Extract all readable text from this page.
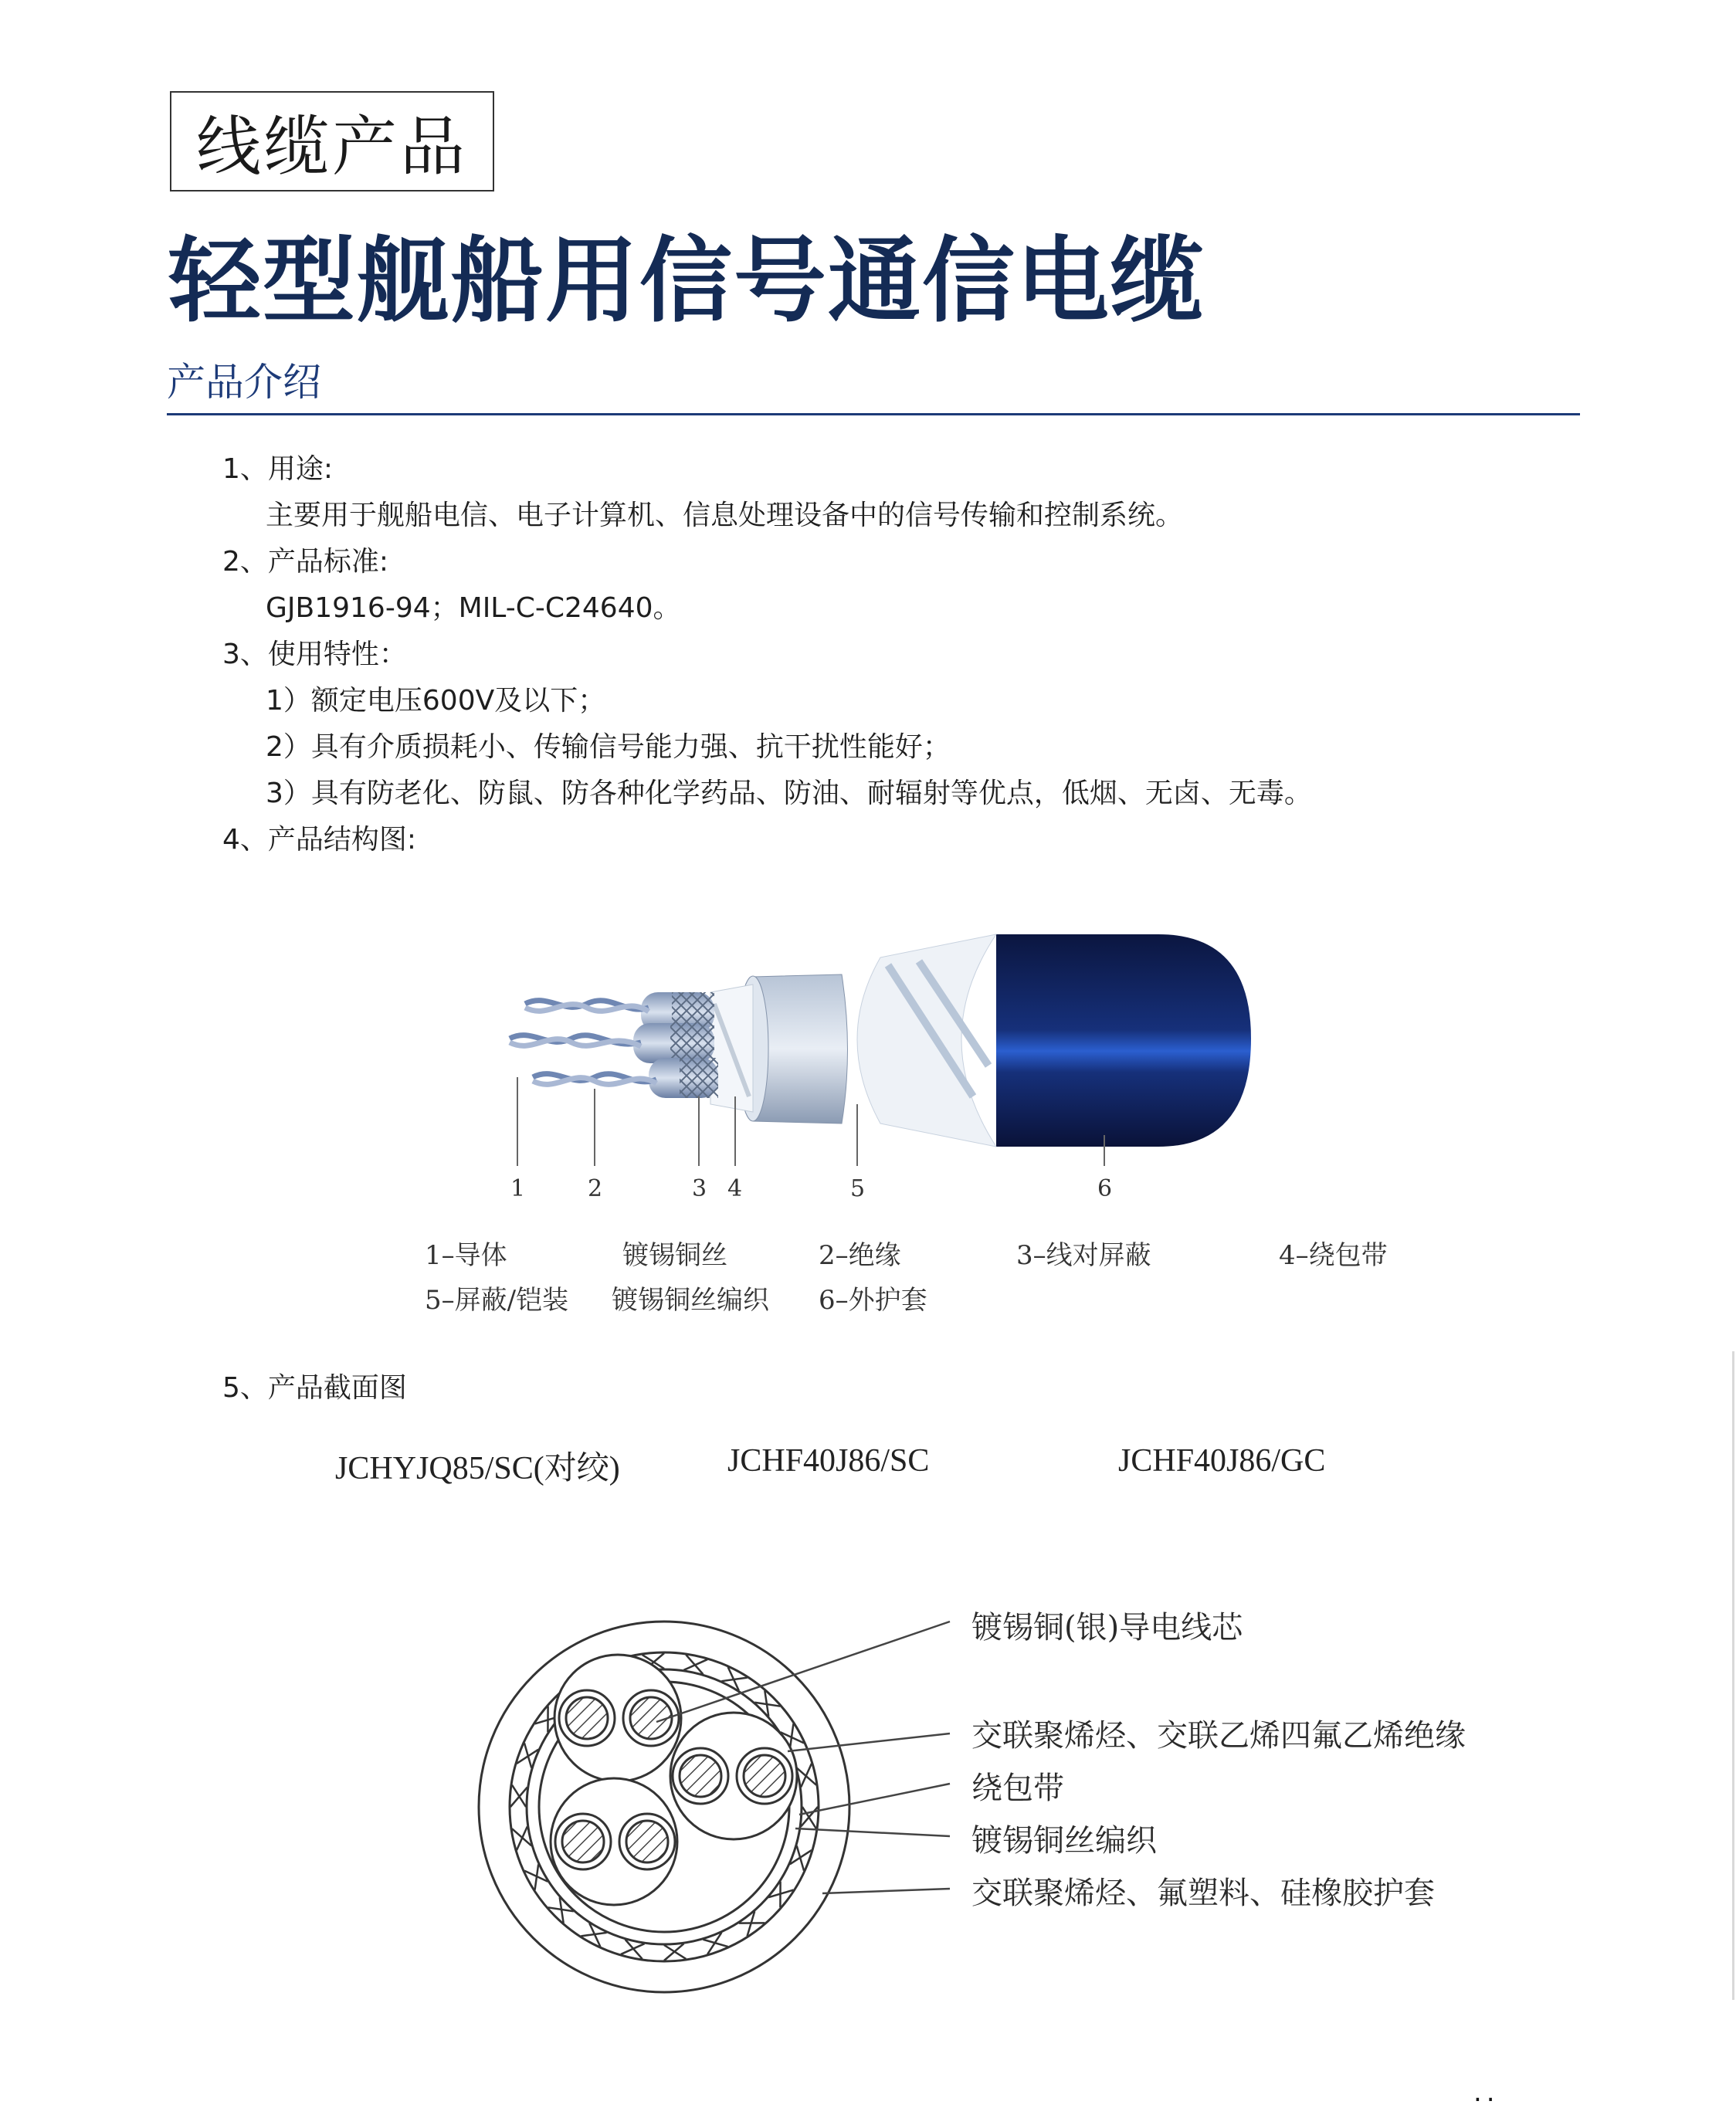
线缆产品
轻型舰船用信号通信电缆
产品介绍
1、用途:
主要用于舰船电信、电子计算机、信息处理设备中的信号传输和控制系统。
2、产品标准:
GJB1916-94；MIL-C-C24640。
3、使用特性：
1）额定电压600V及以下；
2）具有介质损耗小、传输信号能力强、抗干扰性能好；
3）具有防老化、防鼠、防各种化学药品、防油、耐辐射等优点，低烟、无卤、无毒。
4、产品结构图:
1	2	3 4	5	6
1–导体	镀锡铜丝	2–绝缘	3–线对屏蔽	4–绕包带
5–屏蔽/铠装 镀锡铜丝编织 6–外护套
5、产品截面图
JCHYJQ85/SC(对绞)	JCHF40J86/SC	JCHF40J86/GC
镀锡铜(银)导电线芯
交联聚烯烃、交联乙烯四氟乙烯绝缘
绕包带
镀锡铜丝编织
交联聚烯烃、氟塑料、硅橡胶护套
..
